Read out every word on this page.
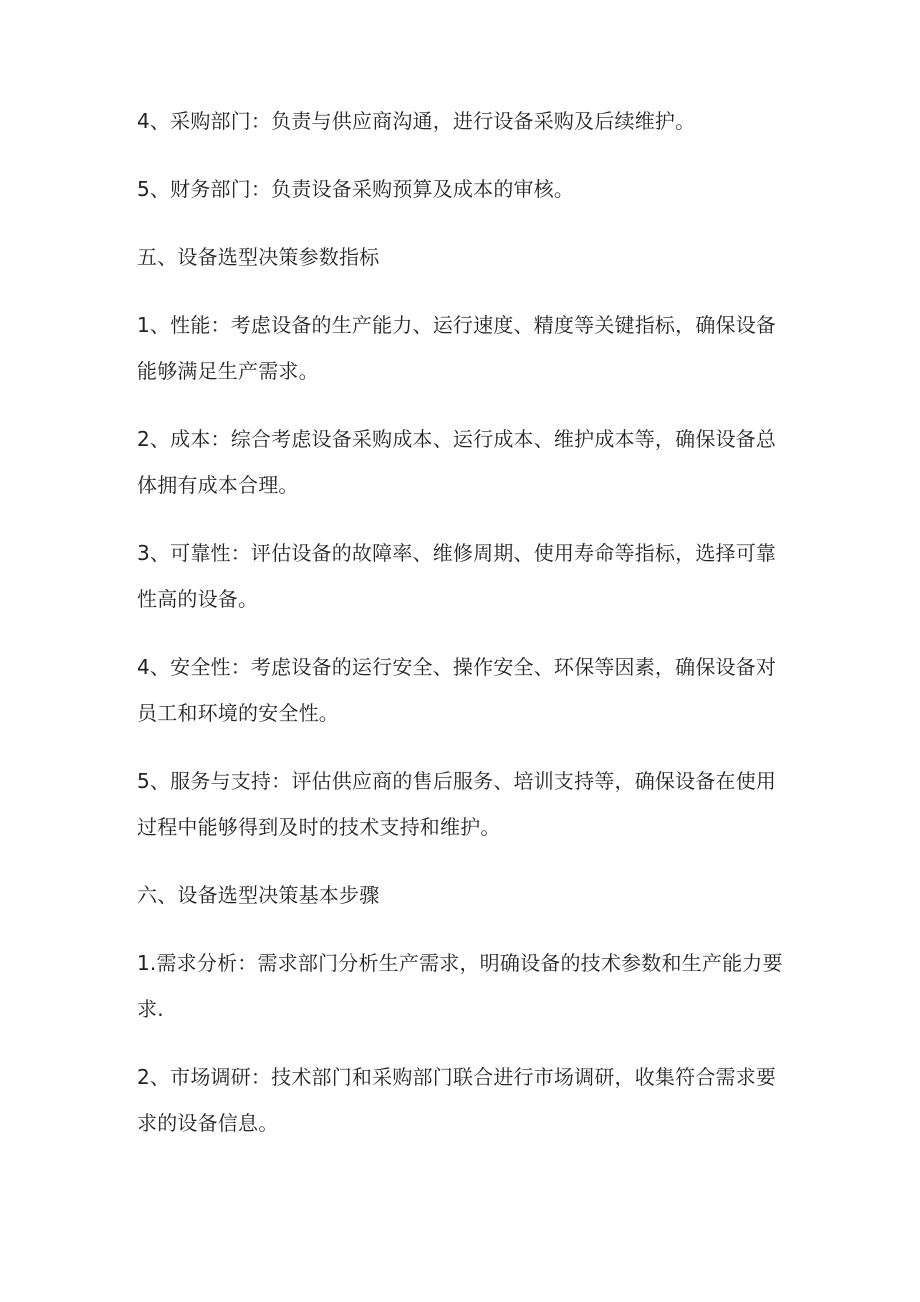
4、采购部门：负责与供应商沟通，进行设备采购及后续维护。

5、财务部门：负责设备采购预算及成本的审核。

五、设备选型决策参数指标

1、性能：考虑设备的生产能力、运行速度、精度等关键指标，确保设备能够满足生产需求。

2、成本：综合考虑设备采购成本、运行成本、维护成本等，确保设备总体拥有成本合理。

3、可靠性：评估设备的故障率、维修周期、使用寿命等指标，选择可靠性高的设备。

4、安全性：考虑设备的运行安全、操作安全、环保等因素，确保设备对员工和环境的安全性。

5、服务与支持：评估供应商的售后服务、培训支持等，确保设备在使用过程中能够得到及时的技术支持和维护。

六、设备选型决策基本步骤

1.需求分析：需求部门分析生产需求，明确设备的技术参数和生产能力要求.

2、市场调研：技术部门和采购部门联合进行市场调研，收集符合需求要求的设备信息。
